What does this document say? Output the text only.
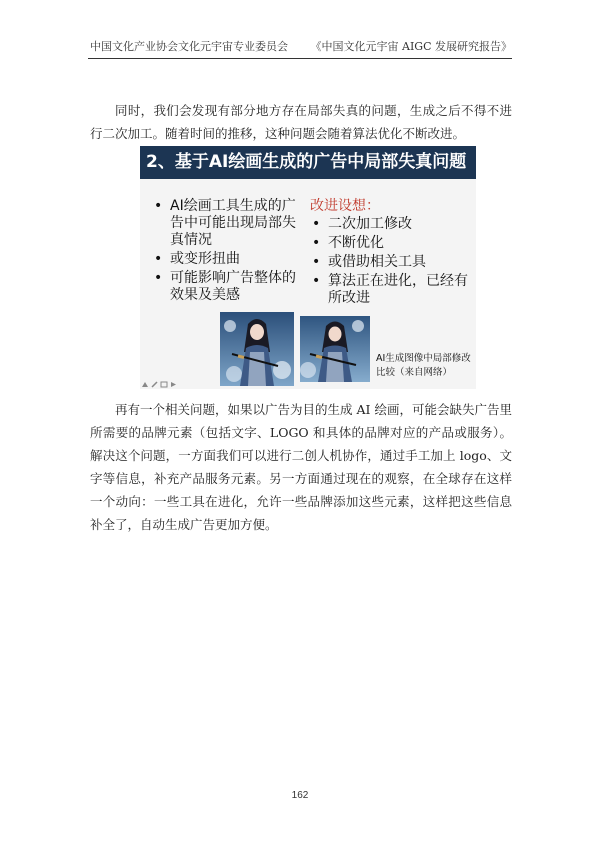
中国文化产业协会文化元宇宙专业委员会 《中国文化元宇宙 AIGC 发展研究报告》
同时，我们会发现有部分地方存在局部失真的问题，生成之后不得不进行二次加工。随着时间的推移，这种问题会随着算法优化不断改进。
2、基于AI绘画生成的广告中局部失真问题
• AI绘画工具生成的广告中可能出现局部失真情况
• 或变形扭曲
• 可能影响广告整体的效果及美感
改进设想：
• 二次加工修改
• 不断优化
• 或借助相关工具
• 算法正在进化，已经有所改进
AI生成图像中局部修改比较（来自网络）
再有一个相关问题，如果以广告为目的生成 AI 绘画，可能会缺失广告里所需要的品牌元素（包括文字、LOGO 和具体的品牌对应的产品或服务）。解决这个问题，一方面我们可以进行二创人机协作，通过手工加上 logo、文字等信息，补充产品服务元素。另一方面通过现在的观察，在全球存在这样一个动向：一些工具在进化，允许一些品牌添加这些元素，这样把这些信息补全了，自动生成广告更加方便。
162
